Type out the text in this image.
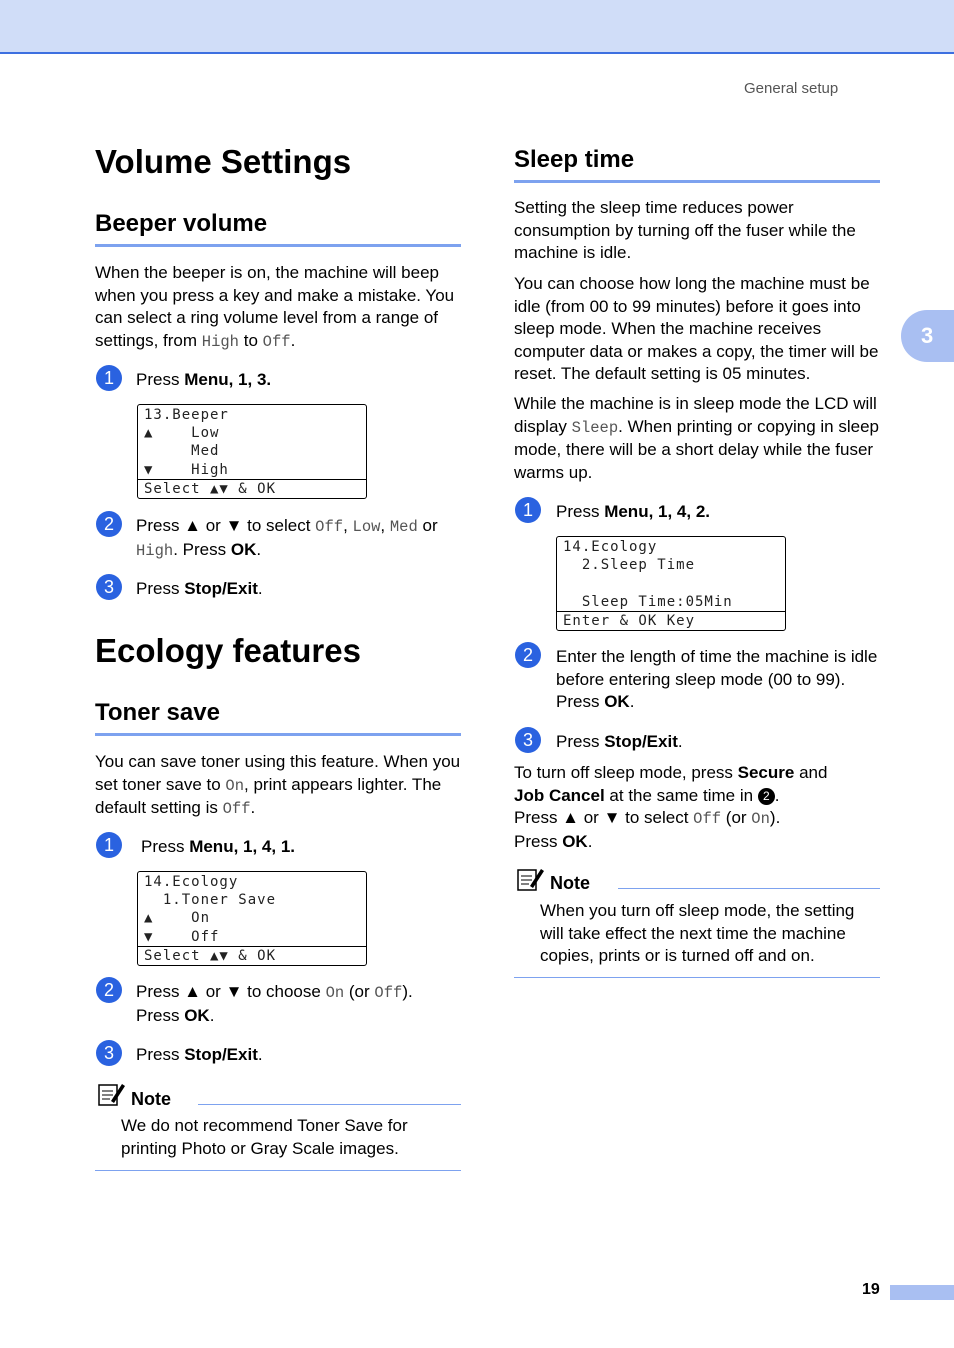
General setup
3
Volume Settings
Beeper volume
When the beeper is on, the machine will beep when you press a key and make a mistake. You can select a ring volume level from a range of settings, from High to Off.
1	Press Menu, 1, 3.
13.Beeper
▲    Low
Med
▼    High
Select ▲▼ & OK
2	Press ▲ or ▼ to select Off, Low, Med or
High. Press OK.
3	Press Stop/Exit.
Ecology features
Toner save
You can save toner using this feature. When you set toner save to On, print appears lighter. The default setting is Off.
1	Press Menu, 1, 4, 1.
14.Ecology
1.Toner Save
▲    On
▼    Off
Select ▲▼ & OK
2	Press ▲ or ▼ to choose On (or Off).
Press OK.
3	Press Stop/Exit.
Note
We do not recommend Toner Save for printing Photo or Gray Scale images.
Sleep time
Setting the sleep time reduces power consumption by turning off the fuser while the machine is idle.
You can choose how long the machine must be idle (from 00 to 99 minutes) before it goes into sleep mode. When the machine receives computer data or makes a copy, the timer will be reset. The default setting is 05 minutes.
While the machine is in sleep mode the LCD will display Sleep. When printing or copying in sleep mode, there will be a short delay while the fuser warms up.
1	Press Menu, 1, 4, 2.
14.Ecology
2.Sleep Time
Sleep Time:05Min
Enter & OK Key
2	Enter the length of time the machine is idle before entering sleep mode (00 to 99). Press OK.
3	Press Stop/Exit.
To turn off sleep mode, press Secure and
Job Cancel at the same time in 2 .
Press ▲ or ▼ to select Off (or On).
Press OK.
Note
When you turn off sleep mode, the setting will take effect the next time the machine copies, prints or is turned off and on.
19
